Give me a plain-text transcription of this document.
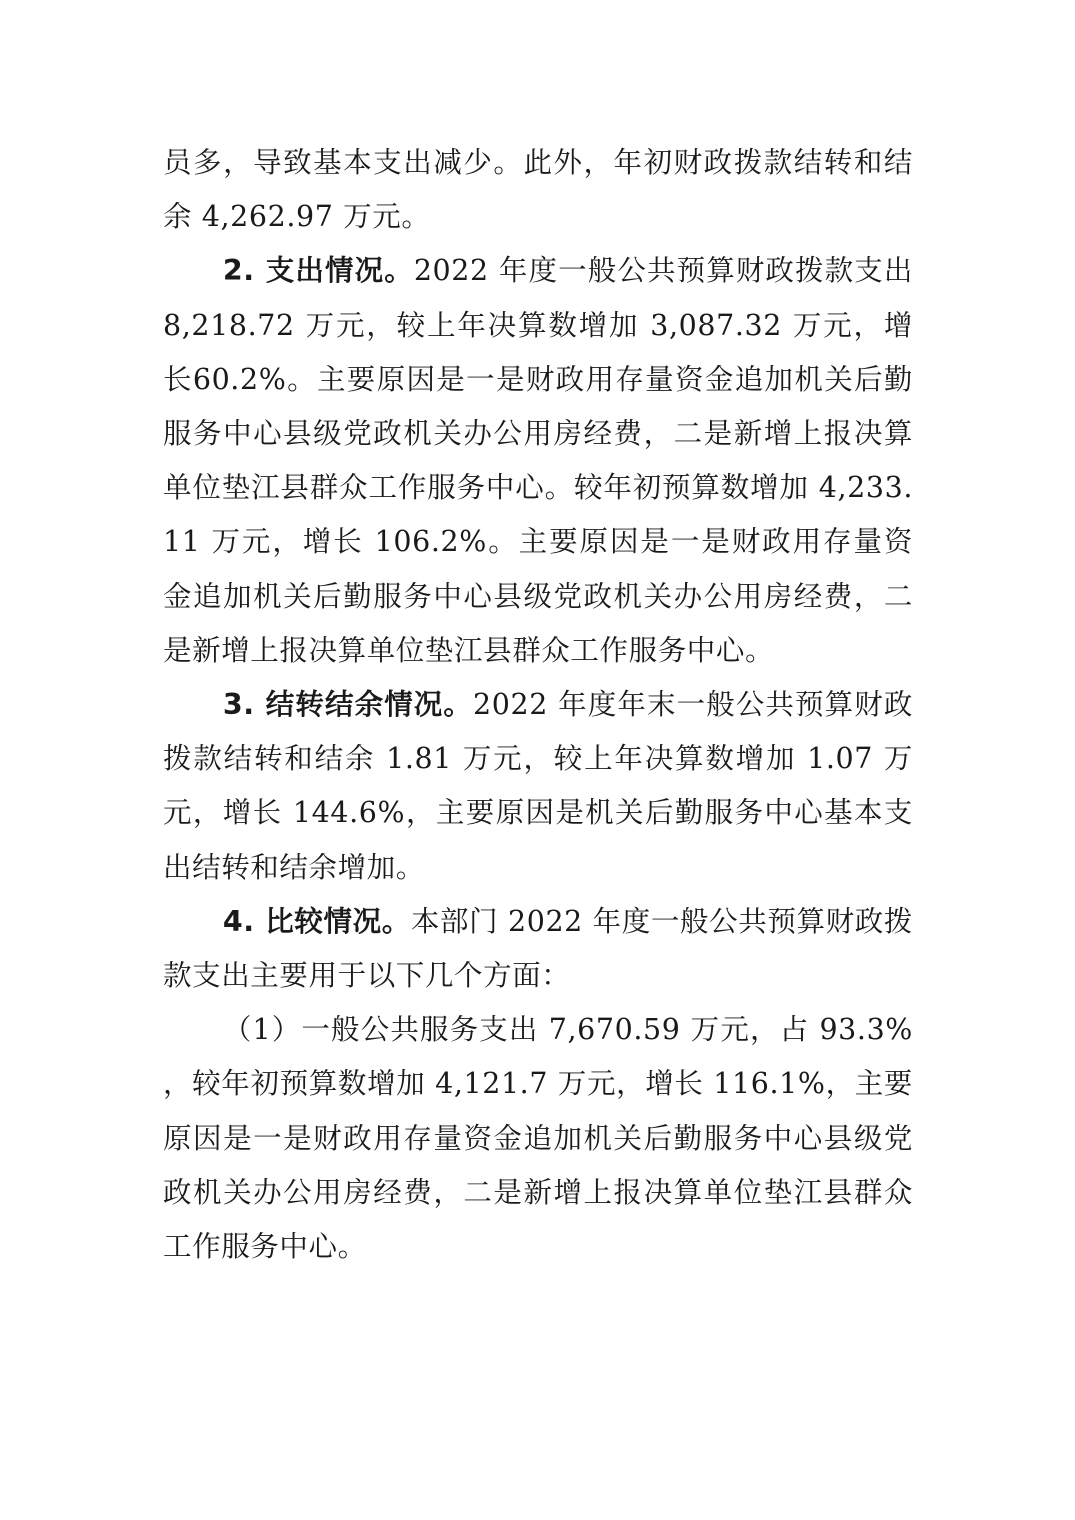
员多，导致基本支出减少。此外，年初财政拨款结转和结余 4,262.97 万元。

2. 支出情况。2022 年度一般公共预算财政拨款支出8,218.72 万元，较上年决算数增加 3,087.32 万元，增长60.2%。主要原因是一是财政用存量资金追加机关后勤服务中心县级党政机关办公用房经费，二是新增上报决算单位垫江县群众工作服务中心。较年初预算数增加 4,233.11 万元，增长 106.2%。主要原因是一是财政用存量资金追加机关后勤服务中心县级党政机关办公用房经费，二是新增上报决算单位垫江县群众工作服务中心。

3. 结转结余情况。2022 年度年末一般公共预算财政拨款结转和结余 1.81 万元，较上年决算数增加 1.07 万元，增长 144.6%，主要原因是机关后勤服务中心基本支出结转和结余增加。

4. 比较情况。本部门 2022 年度一般公共预算财政拨款支出主要用于以下几个方面：

（1）一般公共服务支出 7,670.59 万元，占 93.3%，较年初预算数增加 4,121.7 万元，增长 116.1%，主要原因是一是财政用存量资金追加机关后勤服务中心县级党政机关办公用房经费，二是新增上报决算单位垫江县群众工作服务中心。
